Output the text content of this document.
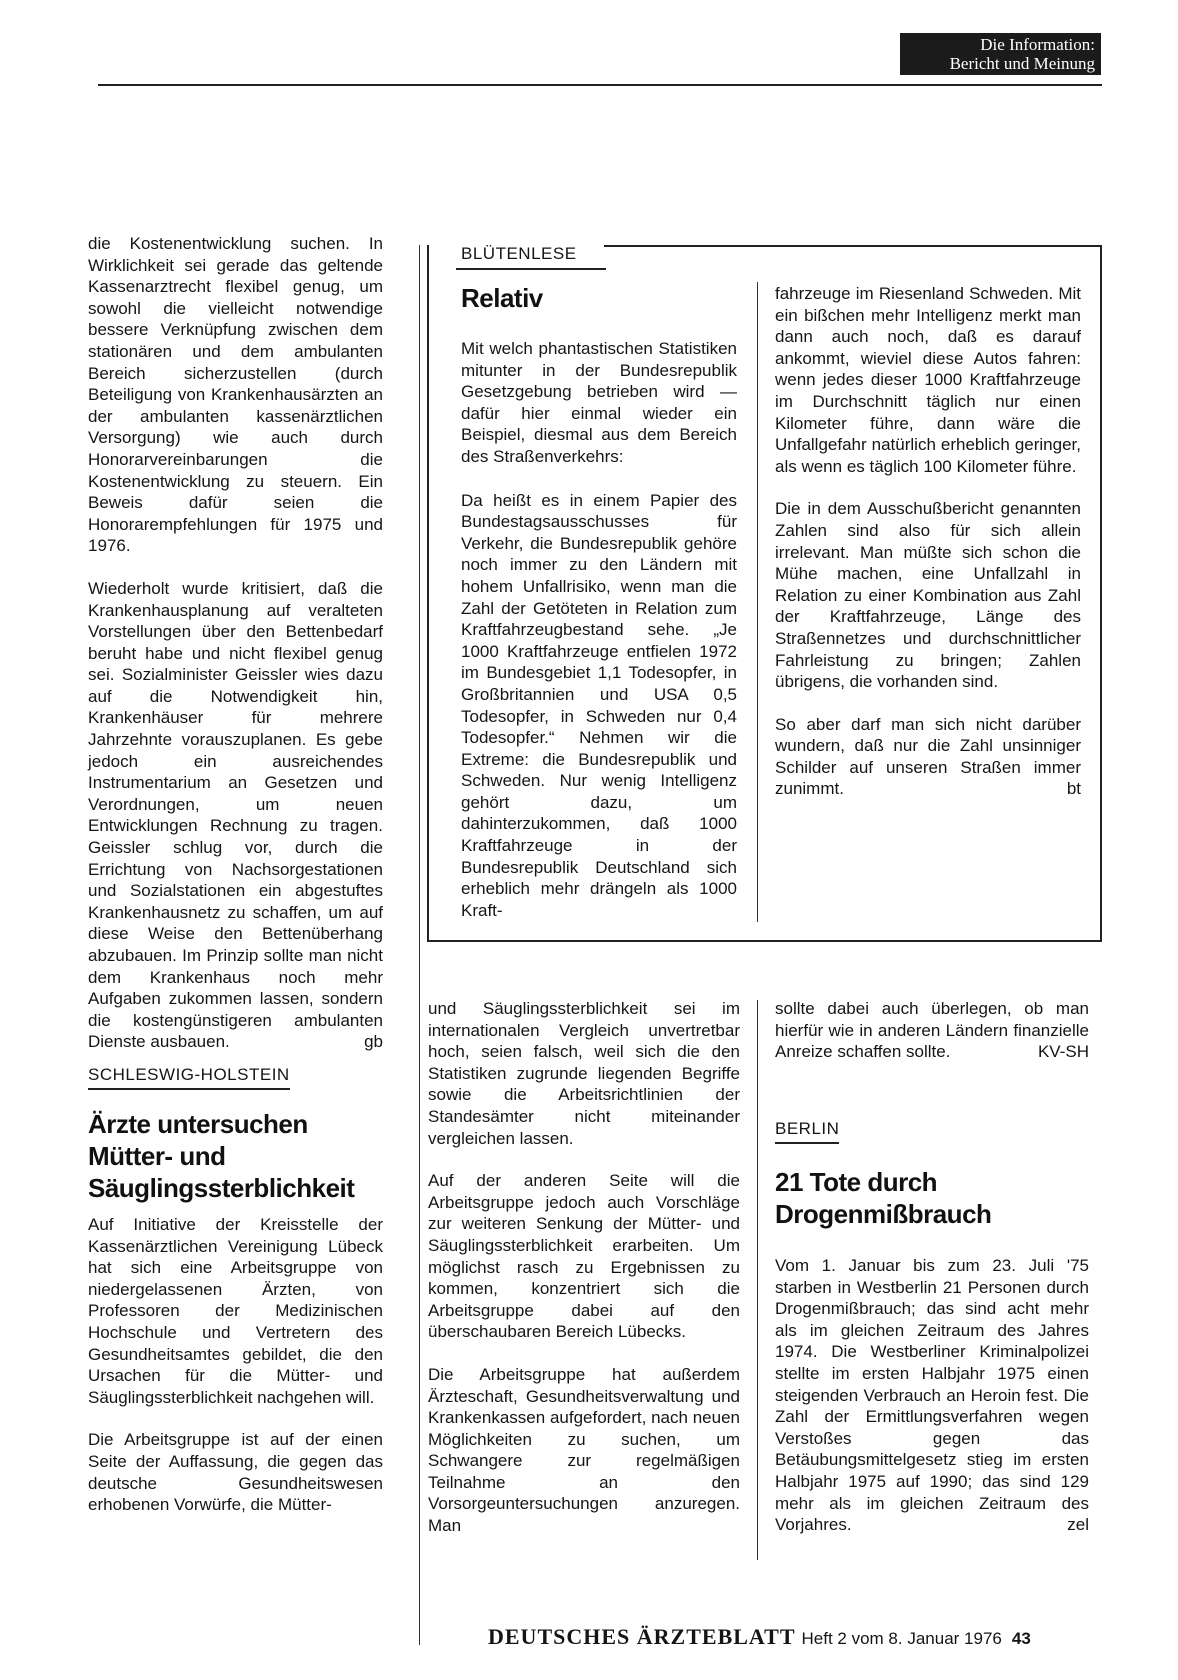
Die Information:
Bericht und Meinung

die Kostenentwicklung suchen. In Wirklichkeit sei gerade das geltende Kassenarztrecht flexibel genug, um sowohl die vielleicht notwendige bessere Verknüpfung zwischen dem stationären und dem ambulanten Bereich sicherzustellen (durch Beteiligung von Krankenhausärzten an der ambulanten kassenärztlichen Versorgung) wie auch durch Honorarvereinbarungen die Kostenentwicklung zu steuern. Ein Beweis dafür seien die Honorarempfehlungen für 1975 und 1976.

Wiederholt wurde kritisiert, daß die Krankenhausplanung auf veralteten Vorstellungen über den Bettenbedarf beruht habe und nicht flexibel genug sei. Sozialminister Geissler wies dazu auf die Notwendigkeit hin, Krankenhäuser für mehrere Jahrzehnte vorauszuplanen. Es gebe jedoch ein ausreichendes Instrumentarium an Gesetzen und Verordnungen, um neuen Entwicklungen Rechnung zu tragen. Geissler schlug vor, durch die Errichtung von Nachsorgestationen und Sozialstationen ein abgestuftes Krankenhausnetz zu schaffen, um auf diese Weise den Bettenüberhang abzubauen. Im Prinzip sollte man nicht dem Krankenhaus noch mehr Aufgaben zukommen lassen, sondern die kostengünstigeren ambulanten Dienste ausbauen.	gb

SCHLESWIG-HOLSTEIN
Ärzte untersuchen
Mütter- und
Säuglingssterblichkeit

Auf Initiative der Kreisstelle der Kassenärztlichen Vereinigung Lübeck hat sich eine Arbeitsgruppe von niedergelassenen Ärzten, von Professoren der Medizinischen Hochschule und Vertretern des Gesundheitsamtes gebildet, die den Ursachen für die Mütter- und Säuglingssterblichkeit nachgehen will.

Die Arbeitsgruppe ist auf der einen Seite der Auffassung, die gegen das deutsche Gesundheitswesen erhobenen Vorwürfe, die Mütter-

BLÜTENLESE
Relativ

Mit welch phantastischen Statistiken mitunter in der Bundesrepublik Gesetzgebung betrieben wird — dafür hier einmal wieder ein Beispiel, diesmal aus dem Bereich des Straßenverkehrs:

Da heißt es in einem Papier des Bundestagsausschusses für Verkehr, die Bundesrepublik gehöre noch immer zu den Ländern mit hohem Unfallrisiko, wenn man die Zahl der Getöteten in Relation zum Kraftfahrzeugbestand sehe. „Je 1000 Kraftfahrzeuge entfielen 1972 im Bundesgebiet 1,1 Todesopfer, in Großbritannien und USA 0,5 Todesopfer, in Schweden nur 0,4 Todesopfer.“ Nehmen wir die Extreme: die Bundesrepublik und Schweden. Nur wenig Intelligenz gehört dazu, um dahinterzukommen, daß 1000 Kraftfahrzeuge in der Bundesrepublik Deutschland sich erheblich mehr drängeln als 1000 Kraft-

fahrzeuge im Riesenland Schweden. Mit ein bißchen mehr Intelligenz merkt man dann auch noch, daß es darauf ankommt, wieviel diese Autos fahren: wenn jedes dieser 1000 Kraftfahrzeuge im Durchschnitt täglich nur einen Kilometer führe, dann wäre die Unfallgefahr natürlich erheblich geringer, als wenn es täglich 100 Kilometer führe.

Die in dem Ausschußbericht genannten Zahlen sind also für sich allein irrelevant. Man müßte sich schon die Mühe machen, eine Unfallzahl in Relation zu einer Kombination aus Zahl der Kraftfahrzeuge, Länge des Straßennetzes und durchschnittlicher Fahrleistung zu bringen; Zahlen übrigens, die vorhanden sind.

So aber darf man sich nicht darüber wundern, daß nur die Zahl unsinniger Schilder auf unseren Straßen immer zunimmt.	bt

und Säuglingssterblichkeit sei im internationalen Vergleich unvertretbar hoch, seien falsch, weil sich die den Statistiken zugrunde liegenden Begriffe sowie die Arbeitsrichtlinien der Standesämter nicht miteinander vergleichen lassen.

Auf der anderen Seite will die Arbeitsgruppe jedoch auch Vorschläge zur weiteren Senkung der Mütter- und Säuglingssterblichkeit erarbeiten. Um möglichst rasch zu Ergebnissen zu kommen, konzentriert sich die Arbeitsgruppe dabei auf den überschaubaren Bereich Lübecks.

Die Arbeitsgruppe hat außerdem Ärzteschaft, Gesundheitsverwaltung und Krankenkassen aufgefordert, nach neuen Möglichkeiten zu suchen, um Schwangere zur regelmäßigen Teilnahme an den Vorsorgeuntersuchungen anzuregen. Man

sollte dabei auch überlegen, ob man hierfür wie in anderen Ländern finanzielle Anreize schaffen sollte.	KV-SH

BERLIN
21 Tote durch
Drogenmißbrauch

Vom 1. Januar bis zum 23. Juli '75 starben in Westberlin 21 Personen durch Drogenmißbrauch; das sind acht mehr als im gleichen Zeitraum des Jahres 1974. Die Westberliner Kriminalpolizei stellte im ersten Halbjahr 1975 einen steigenden Verbrauch an Heroin fest. Die Zahl der Ermittlungsverfahren wegen Verstoßes gegen das Betäubungsmittelgesetz stieg im ersten Halbjahr 1975 auf 1990; das sind 129 mehr als im gleichen Zeitraum des Vorjahres.	zel

DEUTSCHES ÄRZTEBLATT Heft 2 vom 8. Januar 1976 43
